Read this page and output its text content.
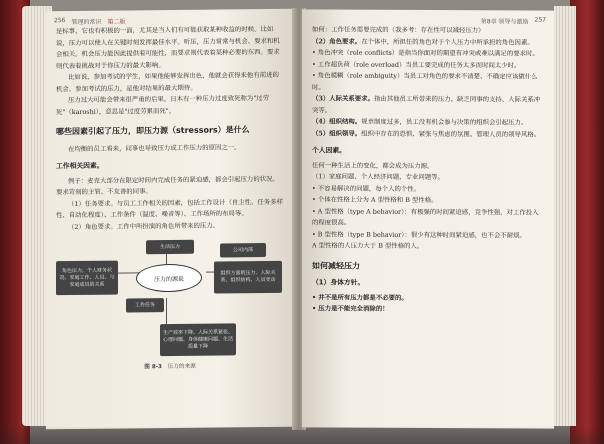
256 管理的常识 第二版

是标事，它也有积极的一面，尤其是当人们有可能获取某种收益的时候。比如说，压力可以使人在关键时刻发挥最佳水平。听压，压力常常与机会、要求和机会相关。机会压力能因此提供着可能性，而要求则代表着某种必要的东西。要求则代表着挑战对于你压力的最大影响。

比如说，参加考试的学生，如果他能够发挥出色，他就会获得来他有前进的机会。参加考试的压力，是他对结果的最大期待。

压力过大可能会带来很严重的后果。日本有一种压力过度致死称为"过劳死"（karoshi），意思是"过度劳累而死"。

哪些因素引起了压力，即压力源（stressors）是什么

在均衡的员工看来，同事也导致压力或工作压力的原因之一。

工作相关因素。

例子：麦克大部分在限定时间内完成任务的紧迫感，都会引起压力的状况。要求苛刻的主管、不友善的同事。

（1）任务要求。与员工工作相关的因素，包括工作设计（自主性、任务多样性、自动化程度）、工作条件（温度、噪音等）、工作场所的布局等。

（2）角色要求。工作中所扮演的角色所带来的压力。

生活压力
公司内部
角色压力，个人财务状况、家庭工作、人员、与家庭成员的关系
压力的源泉
组织方面的压力、人际关系、组织结构、人员变动
工作任务
生产效率下降、人际关系紧张、心理问题、身体健康问题、生活质量下降
图 8-3 压力的来源
第8章 领导与激励 257

如何：工作任务需要完成的（我多考：存在性可以减轻压力）

（2）角色要求。在个体中，所担任的角色对于个人压力中所承担的角色因素。

• 角色冲突（role conflicts）是指当你面对的期望有冲突或难以满足的要求时。

• 工作超负荷（role overload）当员工要完成的任务太多而时间太少时。

• 角色模糊（role ambiguity）当员工对角色的要求不清楚、不确定应该做什么时。

（3）人际关系要求。指由其他员工所带来的压力。缺乏同事的支持、人际关系冲突等。

（4）组织结构。规章制度过多，员工没有机会参与决策的组织会引起压力。

（5）组织领导。组织中存在的恐惧、紧张与焦虑的氛围。管理人员的领导风格。

个人因素。

任何一种生活上的变化，都会成为压力源。

（1）家庭问题、个人经济问题、专业问题等。

• 不容易解决的问题，每个人的个性。

• 个体在性格上分为 A 型性格和 B 型性格。

• A 型性格（type A behavior）：有极强的时间紧迫感，竞争性强，对工作投入的程度很高。

• B 型性格（type B behavior）：很少有这种时间紧迫感，也不会不耐烦。

A 型性格的人压力大于 B 型性格的人。

如何减轻压力
（1）身体方针。

• 并不是所有压力都是不必要的。

• 压力是不能完全消除的！
